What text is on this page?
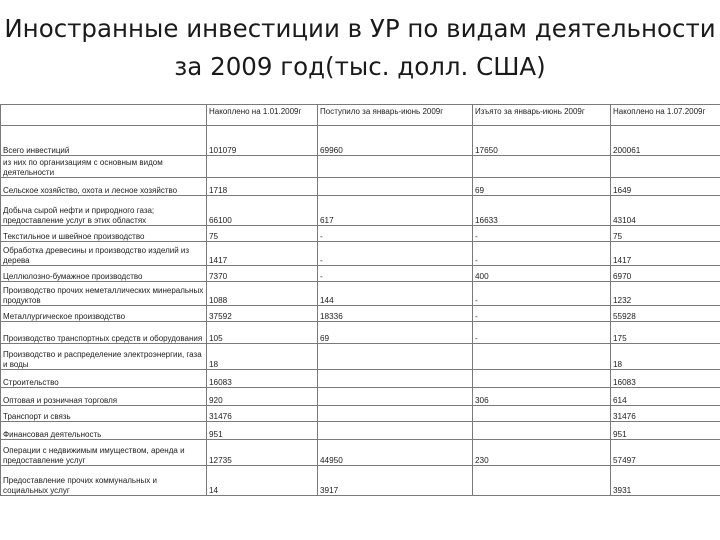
Иностранные инвестиции в УР по видам деятельности за 2009 год(тыс. долл. США)
	Накоплено на 1.01.2009г	Поступило за январь-июнь 2009г	Изъято за январь-июнь 2009г	Накоплено на 1.07.2009г
Всего инвестиций	101079	69960	17650	200061
из них по организациям с основным видом деятельности				
Сельское хозяйство, охота и лесное хозяйство	1718		69	1649
Добыча сырой нефти и природного газа; предоставление услуг в этих областях	66100	617	16633	43104
Текстильное и швейное производство	75	-	-	75
Обработка древесины и производство изделий из дерева	1417	-	-	1417
Целлюлозно-бумажное производство	7370	-	400	6970
Производство прочих неметаллических минеральных продуктов	1088	144	-	1232
Металлургическое производство	37592	18336	-	55928
Производство транспортных средств и оборудования	105	69	-	175
Производство и распределение электроэнергии, газа и воды	18			18
Строительство	16083			16083
Оптовая и розничная торговля	920		306	614
Транспорт и связь	31476			31476
Финансовая деятельность	951			951
Операции с недвижимым имуществом, аренда и предоставление услуг	12735	44950	230	57497
Предоставление прочих коммунальных и социальных услуг	14	3917		3931
